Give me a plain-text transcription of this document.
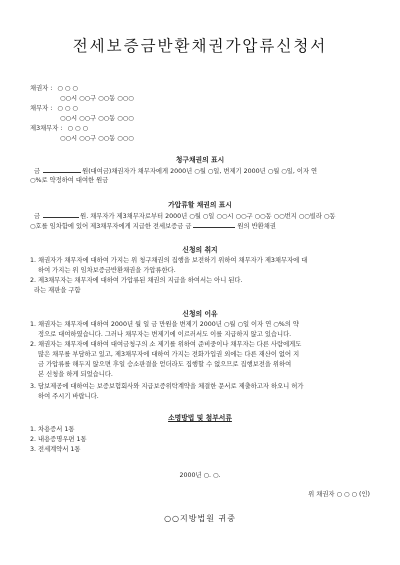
전세보증금반환채권가압류신청서
채권자 : ○ ○ ○
○○시 ○○구 ○○동 ○○○
채무자 : ○ ○ ○
○○시 ○○구 ○○동 ○○○
제3채무자 : ○ ○ ○
○○시 ○○구 ○○동 ○○○
청구채권의 표시
금	원(대여금)채권자가 채무자에게 2000년 ○월 ○일, 변제기 2000년 ○월 ○일, 이자 연
○%로 약정하여 대여한 원금
가압류할 채권의 표시
금	원. 채무자가 제3채무자로부터 2000년 ○월 ○일 ○○시 ○○구 ○○동 ○○번지 ○○빌라 ○동
○호를 임차함에 있어 제3채무자에게 지급한 전세보증금 금	원의 반환채권
신청의 취지
1. 채권자가 채무자에 대하여 가지는 위 청구채권의 집행을 보전하기 위하여 채무자가 제3채무자에 대
하여 가지는 위 임차보증금반환채권을 가압류한다.
2. 제3채무자는 채무자에 대하여 가압류된 채권의 지급을 하여서는 아니 된다.
라는 재판을 구함
신청의 이유
1. 채권자는 채무자에 대하여 2000년 월 일 금 만원을 변제기 2000년 ○월 ○일 이자 연 ○%의 약
정으로 대여하였습니다. 그러나 채무자는 변제기에 이르러서도 이를 지급하지 않고 있습니다.
2. 채권자는 채무자에 대하여 대여금청구의 소 제기를 위하여 준비중이나 채무자는 다른 사람에게도
많은 채무를 부담하고 있고, 제3채무자에 대하여 가지는 전화가입권 외에는 다른 재산이 없어 지
금 가압류를 해두지 않으면 후일 승소판결을 얻더라도 집행할 수 없으므로 집행보전을 위하여
본 신청을 하게 되었습니다.
3. 담보제공에 대하여는 보증보험회사와 지급보증위탁계약을 체결한 문서로 제출하고자 하오니 허가
하여 주시기 바랍니다.
소명방법 및 첨부서류
1. 차용증서 1통
2. 내용증명우편 1통
3. 전세계약서 1통
2000년 ○. ○.
위 채권자 ○ ○ ○ (인)
○○지방법원 귀중
